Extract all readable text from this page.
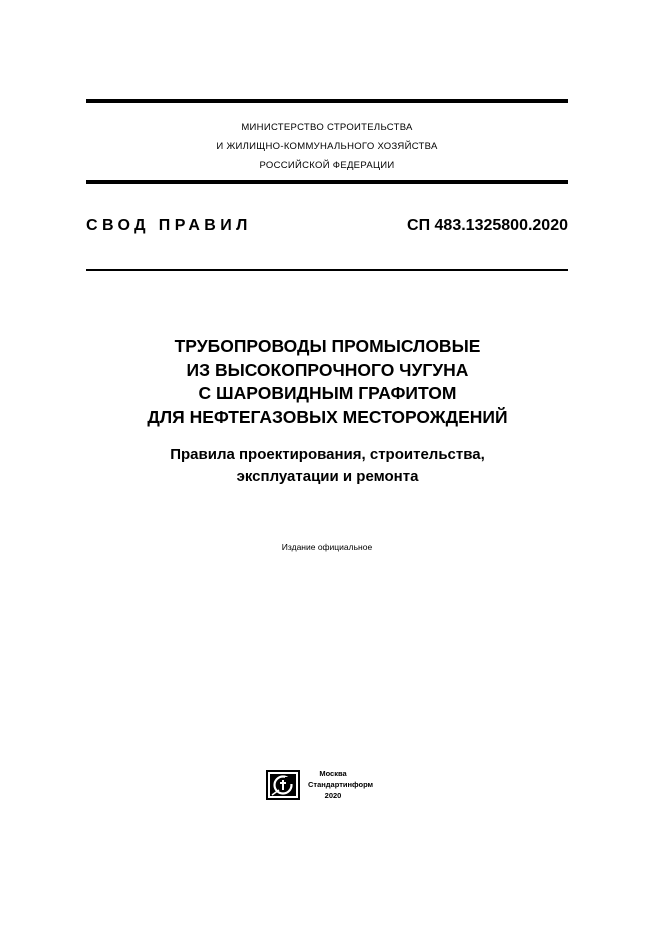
МИНИСТЕРСТВО СТРОИТЕЛЬСТВА
И ЖИЛИЩНО-КОММУНАЛЬНОГО ХОЗЯЙСТВА
РОССИЙСКОЙ ФЕДЕРАЦИИ
СВОД ПРАВИЛ	СП 483.1325800.2020
ТРУБОПРОВОДЫ ПРОМЫСЛОВЫЕ
ИЗ ВЫСОКОПРОЧНОГО ЧУГУНА
С ШАРОВИДНЫМ ГРАФИТОМ
ДЛЯ НЕФТЕГАЗОВЫХ МЕСТОРОЖДЕНИЙ
Правила проектирования, строительства,
эксплуатации и ремонта
Издание официальное
Москва
Стандартинформ
2020
